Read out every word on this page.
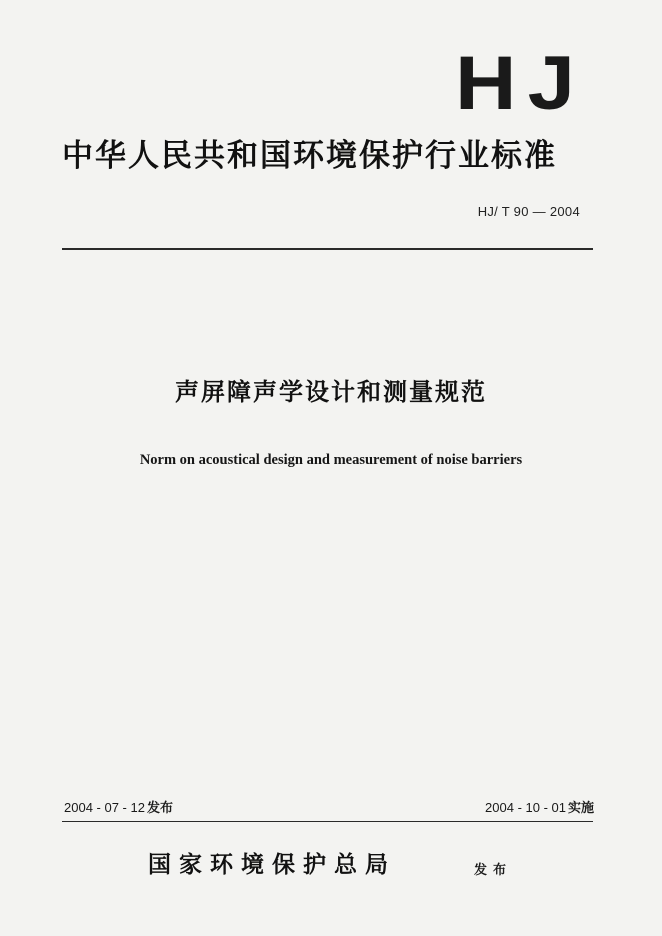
HJ
中华人民共和国环境保护行业标准
HJ/ T 90 — 2004
声屏障声学设计和测量规范
Norm on acoustical design and measurement of noise barriers
2004 - 07 - 12 发布	2004 - 10 - 01 实施
国家环境保护总局	发布
